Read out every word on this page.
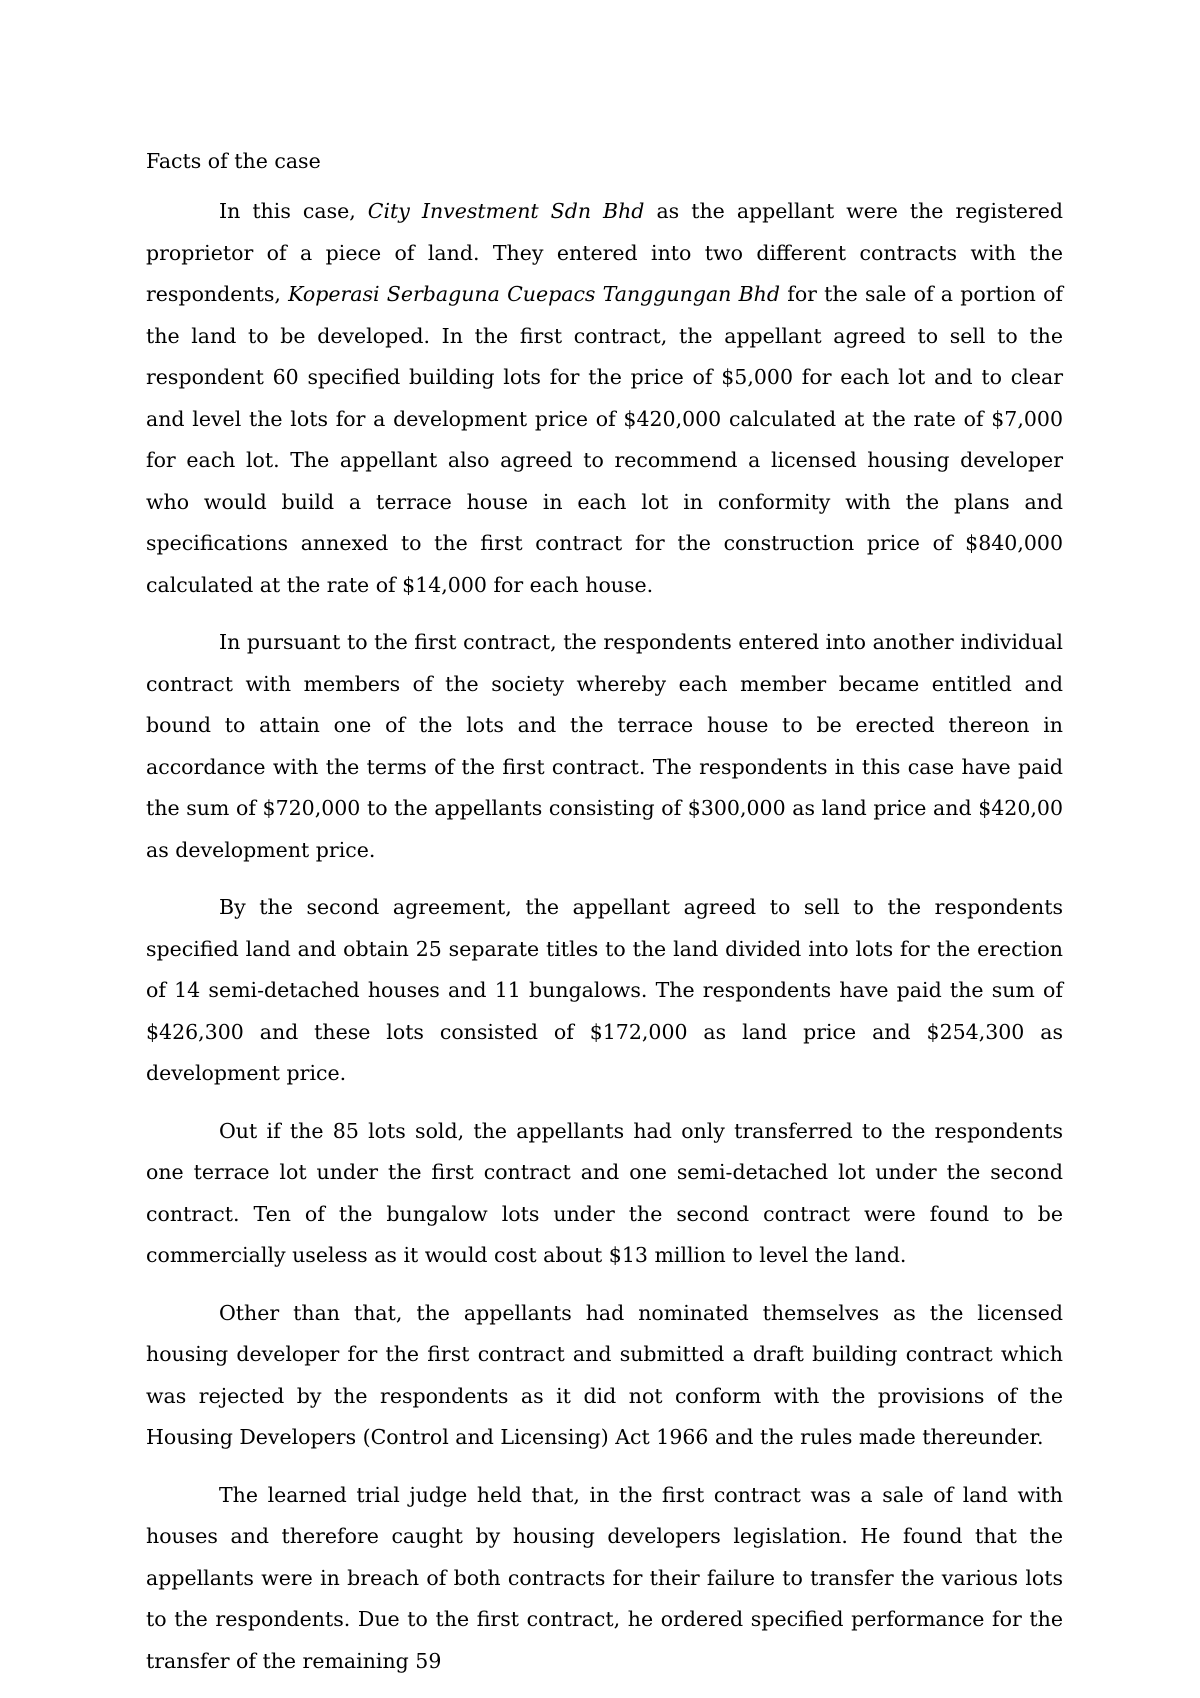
Facts of the case

In this case, City Investment Sdn Bhd as the appellant were the registered proprietor of a piece of land. They entered into two different contracts with the respondents, Koperasi Serbaguna Cuepacs Tanggungan Bhd for the sale of a portion of the land to be developed. In the first contract, the appellant agreed to sell to the respondent 60 specified building lots for the price of $5,000 for each lot and to clear and level the lots for a development price of $420,000 calculated at the rate of $7,000 for each lot. The appellant also agreed to recommend a licensed housing developer who would build a terrace house in each lot in conformity with the plans and specifications annexed to the first contract for the construction price of $840,000 calculated at the rate of $14,000 for each house.

In pursuant to the first contract, the respondents entered into another individual contract with members of the society whereby each member became entitled and bound to attain one of the lots and the terrace house to be erected thereon in accordance with the terms of the first contract. The respondents in this case have paid the sum of $720,000 to the appellants consisting of $300,000 as land price and $420,00 as development price.

By the second agreement, the appellant agreed to sell to the respondents specified land and obtain 25 separate titles to the land divided into lots for the erection of 14 semi-detached houses and 11 bungalows. The respondents have paid the sum of $426,300 and these lots consisted of $172,000 as land price and $254,300 as development price.

Out if the 85 lots sold, the appellants had only transferred to the respondents one terrace lot under the first contract and one semi-detached lot under the second contract. Ten of the bungalow lots under the second contract were found to be commercially useless as it would cost about $13 million to level the land.

Other than that, the appellants had nominated themselves as the licensed housing developer for the first contract and submitted a draft building contract which was rejected by the respondents as it did not conform with the provisions of the Housing Developers (Control and Licensing) Act 1966 and the rules made thereunder.

The learned trial judge held that, in the first contract was a sale of land with houses and therefore caught by housing developers legislation. He found that the appellants were in breach of both contracts for their failure to transfer the various lots to the respondents. Due to the first contract, he ordered specified performance for the transfer of the remaining 59
